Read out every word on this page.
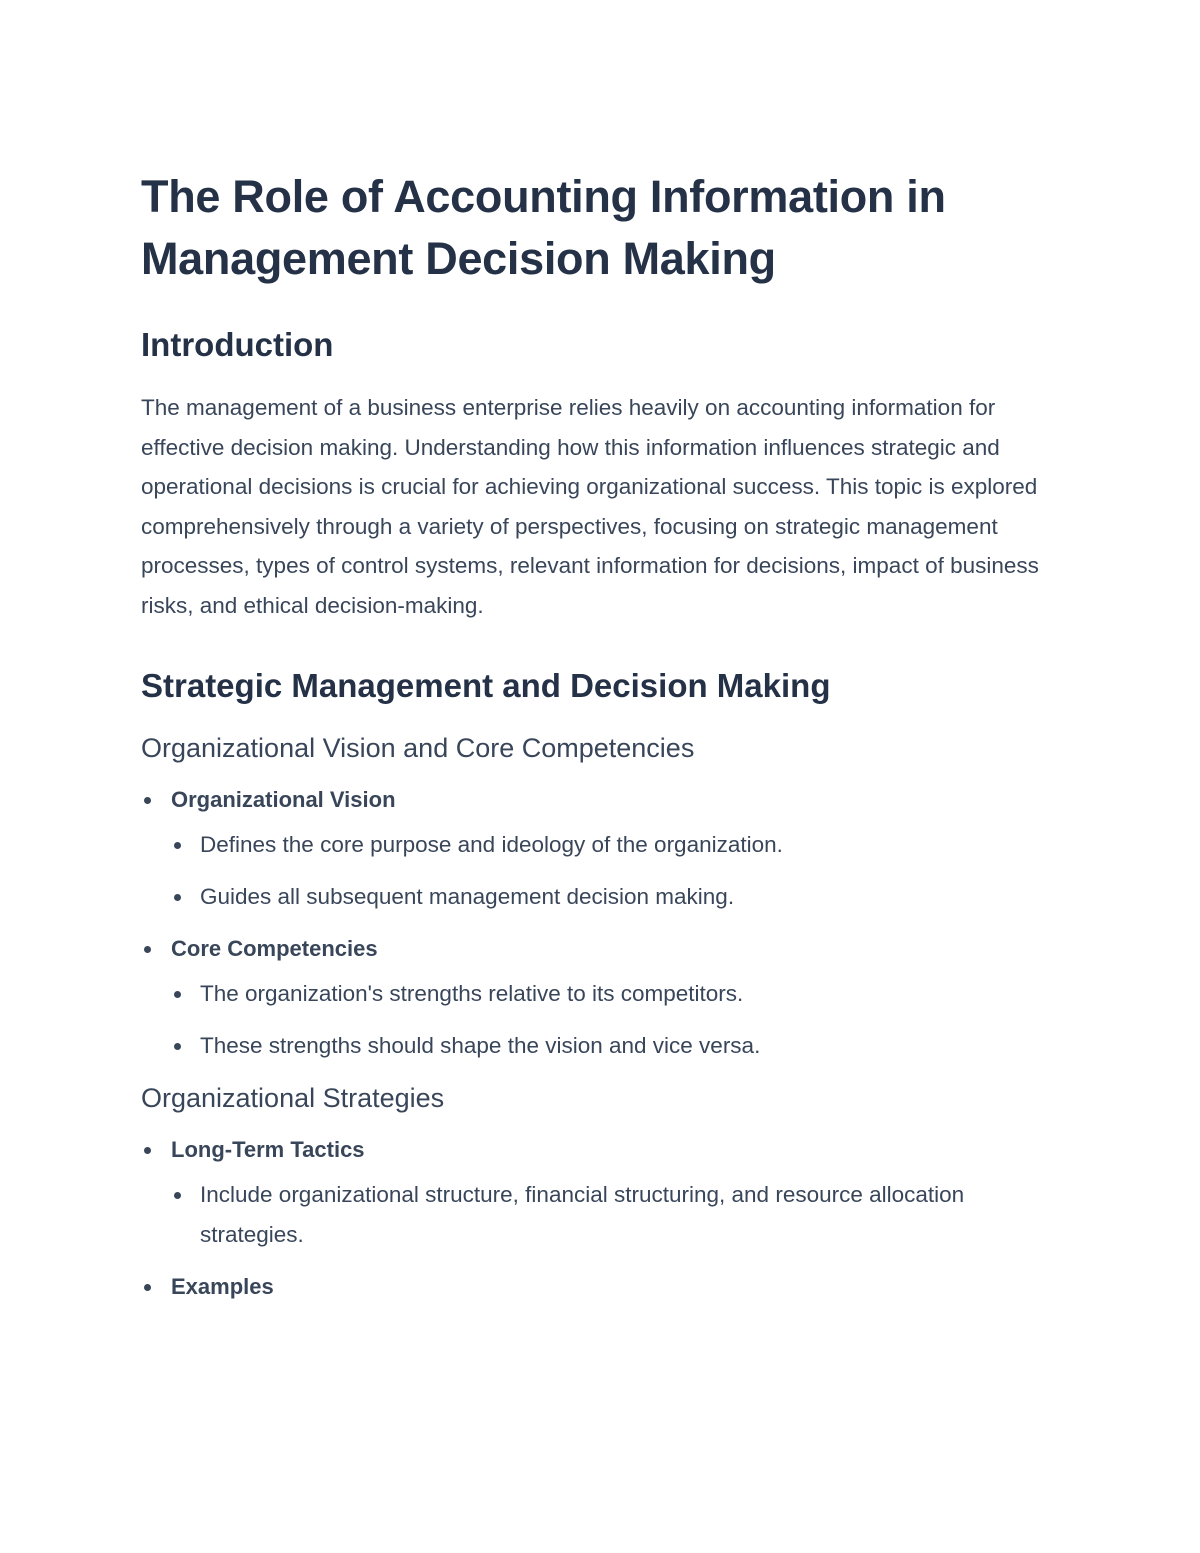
The Role of Accounting Information in Management Decision Making
Introduction

The management of a business enterprise relies heavily on accounting information for effective decision making. Understanding how this information influences strategic and operational decisions is crucial for achieving organizational success. This topic is explored comprehensively through a variety of perspectives, focusing on strategic management processes, types of control systems, relevant information for decisions, impact of business risks, and ethical decision-making.

Strategic Management and Decision Making
Organizational Vision and Core Competencies
Organizational Vision
Defines the core purpose and ideology of the organization.
Guides all subsequent management decision making.
Core Competencies
The organization's strengths relative to its competitors.
These strengths should shape the vision and vice versa.
Organizational Strategies
Long-Term Tactics
Include organizational structure, financial structuring, and resource allocation strategies.
Examples
